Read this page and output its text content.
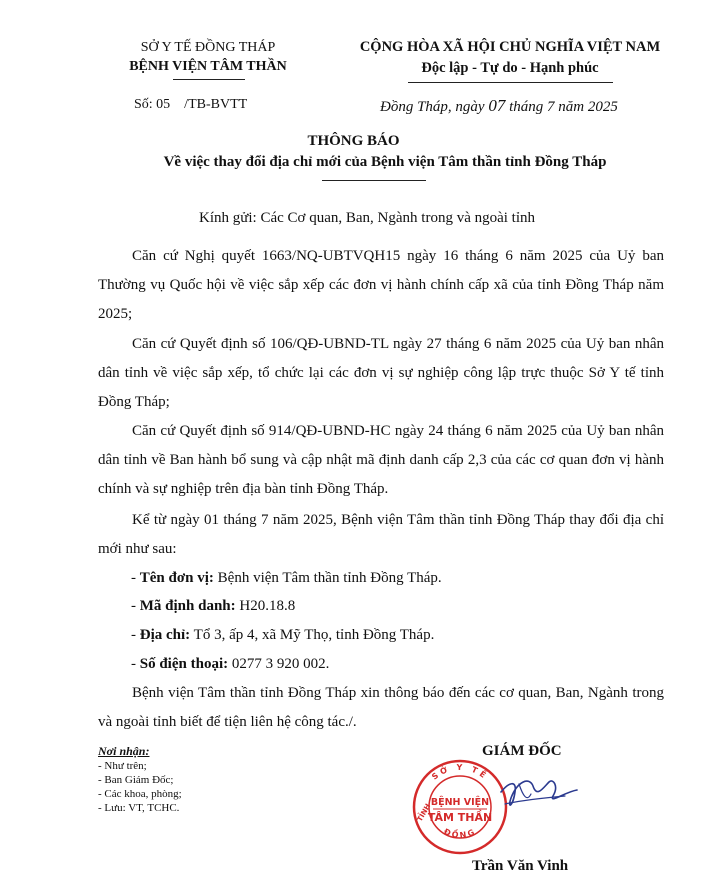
SỞ Y TẾ ĐỒNG THÁP
BỆNH VIỆN TÂM THẦN
Số: 05    /TB-BVTT
CỘNG HÒA XÃ HỘI CHỦ NGHĨA VIỆT NAM
Độc lập - Tự do - Hạnh phúc
Đồng Tháp, ngày 07 tháng 7 năm 2025
THÔNG BÁO
Về việc thay đổi địa chỉ mới của Bệnh viện Tâm thần tỉnh Đồng Tháp
Kính gửi: Các Cơ quan, Ban, Ngành trong và ngoài tỉnh

Căn cứ Nghị quyết 1663/NQ-UBTVQH15 ngày 16 tháng 6 năm 2025 của Uỷ ban Thường vụ Quốc hội về việc sắp xếp các đơn vị hành chính cấp xã của tỉnh Đồng Tháp năm 2025;

Căn cứ Quyết định số 106/QĐ-UBND-TL ngày 27 tháng 6 năm 2025 của Uỷ ban nhân dân tỉnh về việc sắp xếp, tổ chức lại các đơn vị sự nghiệp công lập trực thuộc Sở Y tế tỉnh Đồng Tháp;

Căn cứ Quyết định số 914/QĐ-UBND-HC ngày 24 tháng 6 năm 2025 của Uỷ ban nhân dân tỉnh về Ban hành bổ sung và cập nhật mã định danh cấp 2,3 của các cơ quan đơn vị hành chính và sự nghiệp trên địa bàn tỉnh Đồng Tháp.

Kể từ ngày 01 tháng 7 năm 2025, Bệnh viện Tâm thần tỉnh Đồng Tháp thay đổi địa chỉ mới như sau:

- Tên đơn vị: Bệnh viện Tâm thần tỉnh Đồng Tháp.
- Mã định danh: H20.18.8
- Địa chỉ: Tổ 3, ấp 4, xã Mỹ Thọ, tỉnh Đồng Tháp.
- Số điện thoại: 0277 3 920 002.

Bệnh viện Tâm thần tỉnh Đồng Tháp xin thông báo đến các cơ quan, Ban, Ngành trong và ngoài tỉnh biết để tiện liên hệ công tác./.

Nơi nhận:
- Như trên;
- Ban Giám Đốc;
- Các khoa, phòng;
- Lưu: VT, TCHC.
GIÁM ĐỐC
SỞ Y TẾ
ĐỒNG
TỈNH
BỆNH VIỆN
TÂM THẦN
Trần Văn Vinh
